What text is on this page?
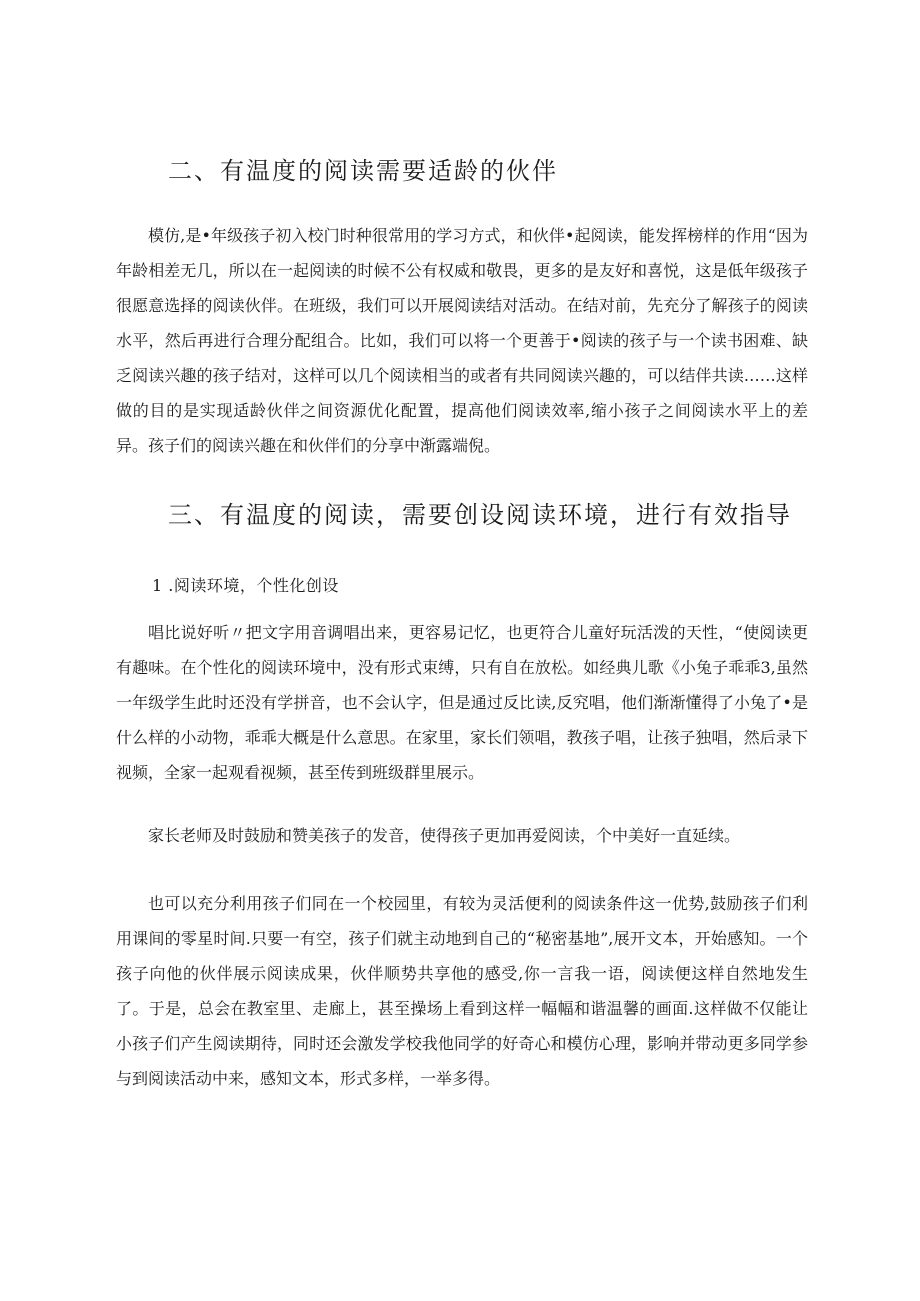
二、有温度的阅读需要适龄的伙伴

模仿,是•年级孩子初入校门时种很常用的学习方式，和伙伴•起阅读，能发挥榜样的作用“因为年龄相差无几，所以在一起阅读的时候不公有权威和敬畏，更多的是友好和喜悦，这是低年级孩子很愿意选择的阅读伙伴。在班级，我们可以开展阅读结对活动。在结对前，先充分了解孩子的阅读水平，然后再进行合理分配组合。比如，我们可以将一个更善于•阅读的孩子与一个读书困难、缺乏阅读兴趣的孩子结对，这样可以几个阅读相当的或者有共同阅读兴趣的，可以结伴共读……这样做的目的是实现适龄伙伴之间资源优化配置，提高他们阅读效率,缩小孩子之间阅读水平上的差异。孩子们的阅读兴趣在和伙伴们的分享中渐露端倪。

三、有温度的阅读，需要创设阅读环境，进行有效指导
1 .阅读环境，个性化创设

唱比说好听〃把文字用音调唱出来，更容易记忆，也更符合儿童好玩活泼的天性，“使阅读更有趣味。在个性化的阅读环境中，没有形式束缚，只有自在放松。如经典儿歌《小兔子乖乖3,虽然一年级学生此时还没有学拼音，也不会认字，但是通过反比读,反究唱，他们渐渐懂得了小兔了•是什么样的小动物，乖乖大概是什么意思。在家里，家长们领唱，教孩子唱，让孩子独唱，然后录下视频，全家一起观看视频，甚至传到班级群里展示。

家长老师及时鼓励和赞美孩子的发音，使得孩子更加再爱阅读，个中美好一直延续。

也可以充分利用孩子们同在一个校园里，有较为灵活便利的阅读条件这一优势,鼓励孩子们利用课间的零星时间.只要一有空，孩子们就主动地到自己的“秘密基地”,展开文本，开始感知。一个孩子向他的伙伴展示阅读成果，伙伴顺势共享他的感受,你一言我一语，阅读便这样自然地发生了。于是，总会在教室里、走廊上，甚至操场上看到这样一幅幅和谐温馨的画面.这样做不仅能让小孩子们产生阅读期待，同时还会激发学校我他同学的好奇心和模仿心理，影响并带动更多同学参与到阅读活动中来，感知文本，形式多样，一举多得。
